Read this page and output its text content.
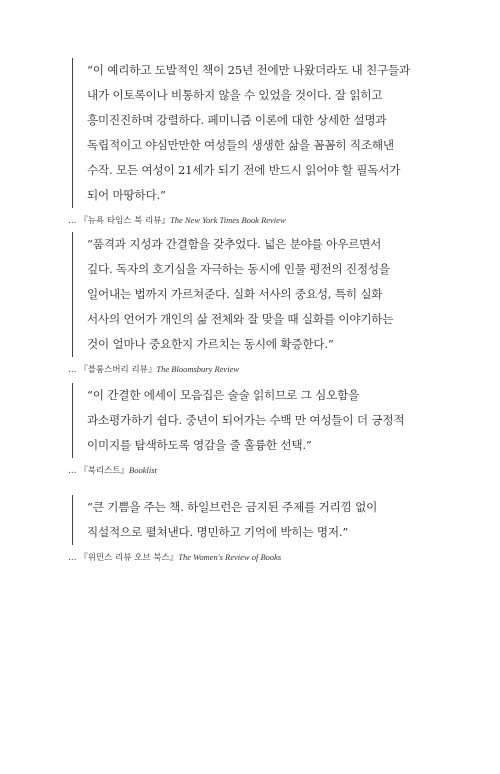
“이 예리하고 도발적인 책이 25년 전에만 나왔더라도 내 친구들과
내가 이토록이나 비통하지 않을 수 있었을 것이다. 잘 읽히고
흥미진진하며 강렬하다. 페미니즘 이론에 대한 상세한 설명과
독립적이고 야심만만한 여성들의 생생한 삶을 꼼꼼히 직조해낸
수작. 모든 여성이 21세가 되기 전에 반드시 읽어야 할 필독서가
되어 마땅하다.”
… 『뉴욕 타임스 북 리뷰』The New York Times Book Review
“품격과 지성과 간결함을 갖추었다. 넓은 분야를 아우르면서
깊다. 독자의 호기심을 자극하는 동시에 인물 평전의 진정성을
일어내는 법까지 가르쳐준다. 실화 서사의 중요성, 특히 실화
서사의 언어가 개인의 삶 전체와 잘 맞을 때 실화를 이야기하는
것이 얼마나 중요한지 가르치는 동시에 확증한다.”
… 『블룸스버리 리뷰』The Bloomsbury Review
“이 간결한 에세이 모음집은 술술 읽히므로 그 심오함을
과소평가하기 쉽다. 중년이 되어가는 수백 만 여성들이 더 긍정적
이미지를 탐색하도록 영감을 줄 훌륭한 선택.”
… 『북리스트』Booklist
“큰 기쁨을 주는 책. 하일브런은 금지된 주제를 거리낌 없이
직설적으로 펼쳐낸다. 명민하고 기억에 박히는 명저.”
… 『위민스 리뷰 오브 북스』The Women's Review of Books
